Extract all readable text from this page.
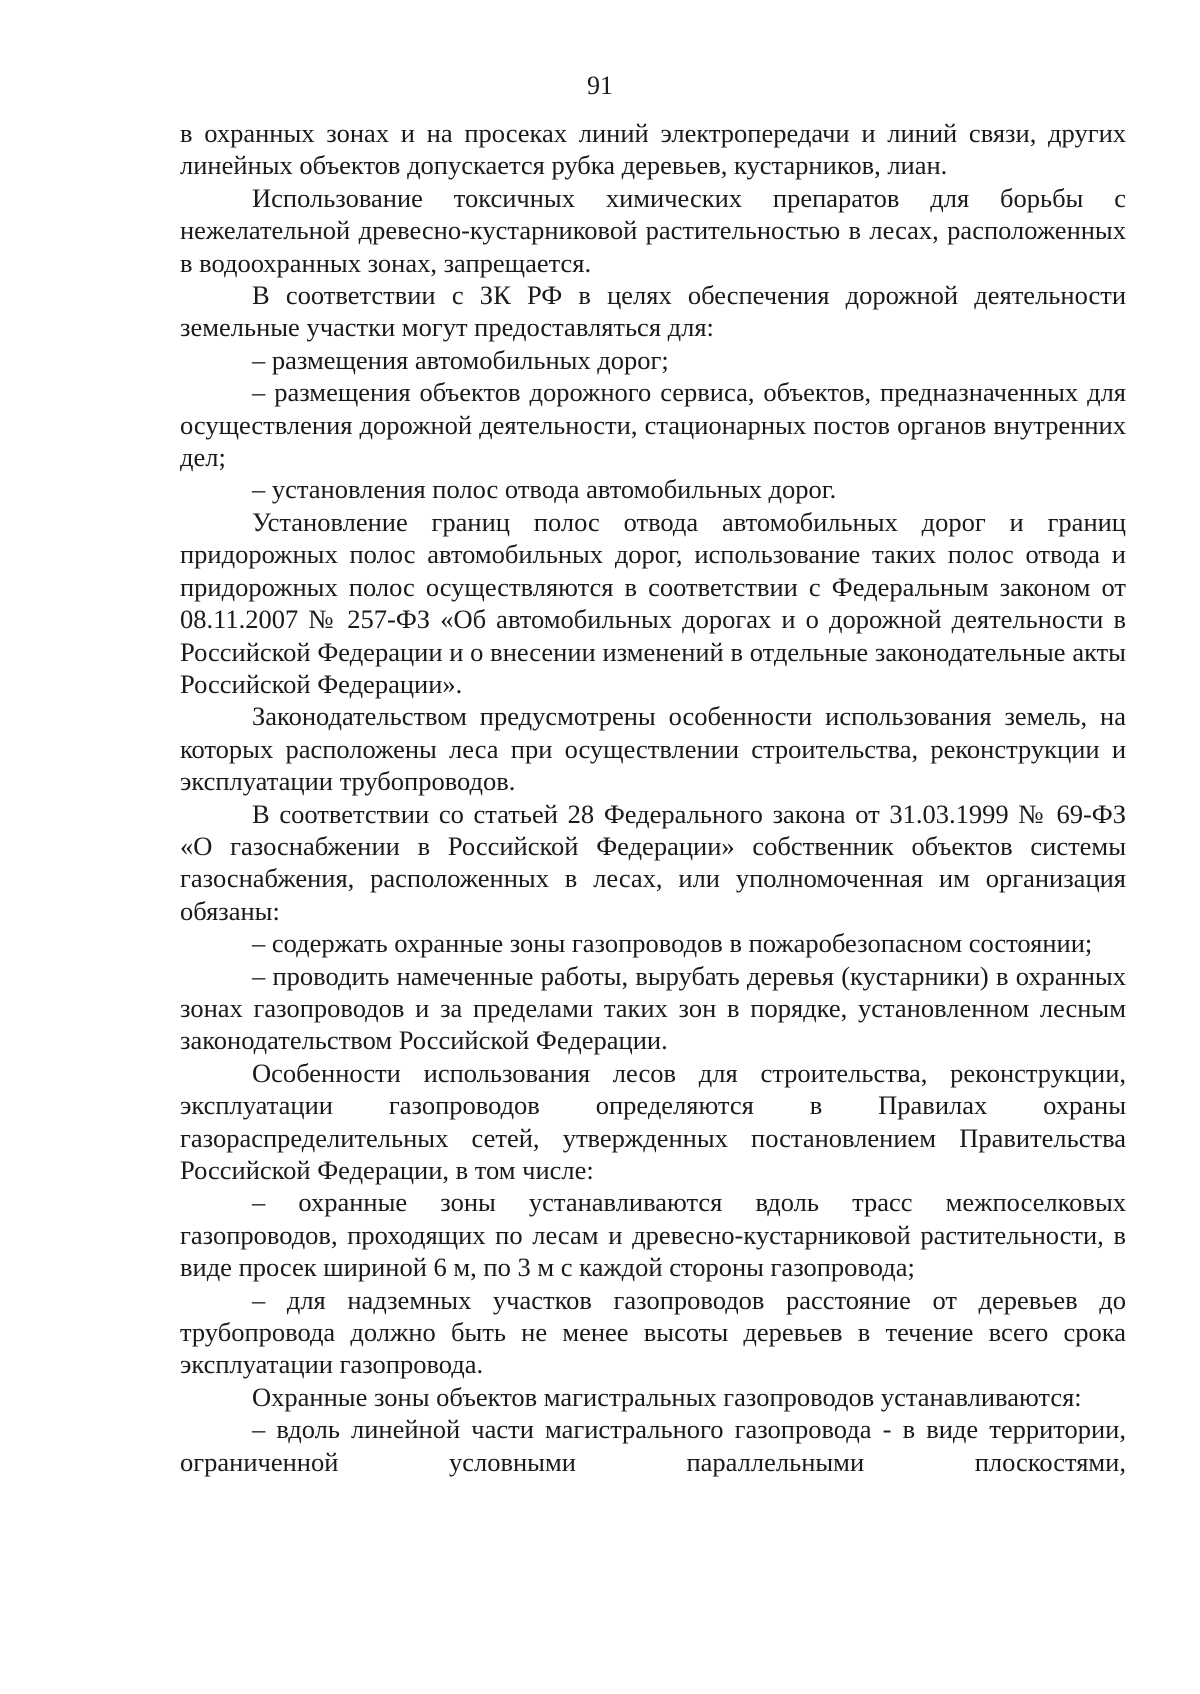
91

в охранных зонах и на просеках линий электропередачи и линий связи, других линейных объектов допускается рубка деревьев, кустарников, лиан.

Использование токсичных химических препаратов для борьбы с нежелательной древесно-кустарниковой растительностью в лесах, расположенных в водоохранных зонах, запрещается.

В соответствии с ЗК РФ в целях обеспечения дорожной деятельности земельные участки могут предоставляться для:

– размещения автомобильных дорог;

– размещения объектов дорожного сервиса, объектов, предназначенных для осуществления дорожной деятельности, стационарных постов органов внутренних дел;

– установления полос отвода автомобильных дорог.

Установление границ полос отвода автомобильных дорог и границ придорожных полос автомобильных дорог, использование таких полос отвода и придорожных полос осуществляются в соответствии с Федеральным законом от 08.11.2007 № 257-ФЗ «Об автомобильных дорогах и о дорожной деятельности в Российской Федерации и о внесении изменений в отдельные законодательные акты Российской Федерации».

Законодательством предусмотрены особенности использования земель, на которых расположены леса при осуществлении строительства, реконструкции и эксплуатации трубопроводов.

В соответствии со статьей 28 Федерального закона от 31.03.1999 № 69-ФЗ «О газоснабжении в Российской Федерации» собственник объектов системы газоснабжения, расположенных в лесах, или уполномоченная им организация обязаны:

– содержать охранные зоны газопроводов в пожаробезопасном состоянии;

– проводить намеченные работы, вырубать деревья (кустарники) в охранных зонах газопроводов и за пределами таких зон в порядке, установленном лесным законодательством Российской Федерации.

Особенности использования лесов для строительства, реконструкции, эксплуатации газопроводов определяются в Правилах охраны газораспределительных сетей, утвержденных постановлением Правительства Российской Федерации, в том числе:

– охранные зоны устанавливаются вдоль трасс межпоселковых газопроводов, проходящих по лесам и древесно-кустарниковой растительности, в виде просек шириной 6 м, по 3 м с каждой стороны газопровода;

– для надземных участков газопроводов расстояние от деревьев до трубопровода должно быть не менее высоты деревьев в течение всего срока эксплуатации газопровода.

Охранные зоны объектов магистральных газопроводов устанавливаются:

– вдоль линейной части магистрального газопровода - в виде территории, ограниченной условными параллельными плоскостями,
